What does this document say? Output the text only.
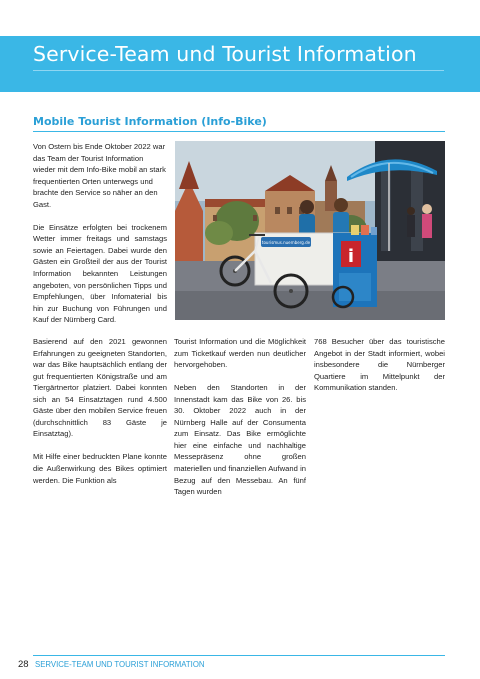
Service-Team und Tourist Information
Mobile Tourist Information (Info-Bike)

Von Ostern bis Ende Oktober 2022 war das Team der Tourist Information wieder mit dem Info-Bike mobil an stark frequentierten Orten unterwegs und brachte den Service so näher an den Gast.

Die Einsätze erfolgten bei trockenem Wetter immer freitags und samstags sowie an Feiertagen. Dabei wurde den Gästen ein Großteil der aus der Tourist Information bekannten Leistungen angeboten, von persönlichen Tipps und Empfehlungen, über Infomaterial bis hin zur Buchung von Führungen und Kauf der Nürnberg Card.

tourismus.nuernberg.de
i

Basierend auf den 2021 gewonnen Erfahrungen zu geeigneten Standorten, war das Bike hauptsächlich entlang der gut frequentierten Königstraße und am Tiergärtnertor platziert. Dabei konnten sich an 54 Einsatztagen rund 4.500 Gäste über den mobilen Service freuen (durchschnittlich 83 Gäste je Einsatztag).

Mit Hilfe einer bedruckten Plane konnte die Außenwirkung des Bikes optimiert werden. Die Funktion als

Tourist Information und die Möglichkeit zum Ticketkauf werden nun deutlicher hervorgehoben.

Neben den Standorten in der Innenstadt kam das Bike von 26. bis 30. Oktober 2022 auch in der Nürnberg Halle auf der Consumenta zum Einsatz. Das Bike ermöglichte hier eine einfache und nachhaltige Messepräsenz ohne großen materiellen und finanziellen Aufwand in Bezug auf den Messebau. An fünf Tagen wurden

768 Besucher über das touristische Angebot in der Stadt informiert, wobei insbesondere die Nürnberger Quartiere im Mittelpunkt der Kommunikation standen.

28 SERVICE-TEAM UND TOURIST INFORMATION
